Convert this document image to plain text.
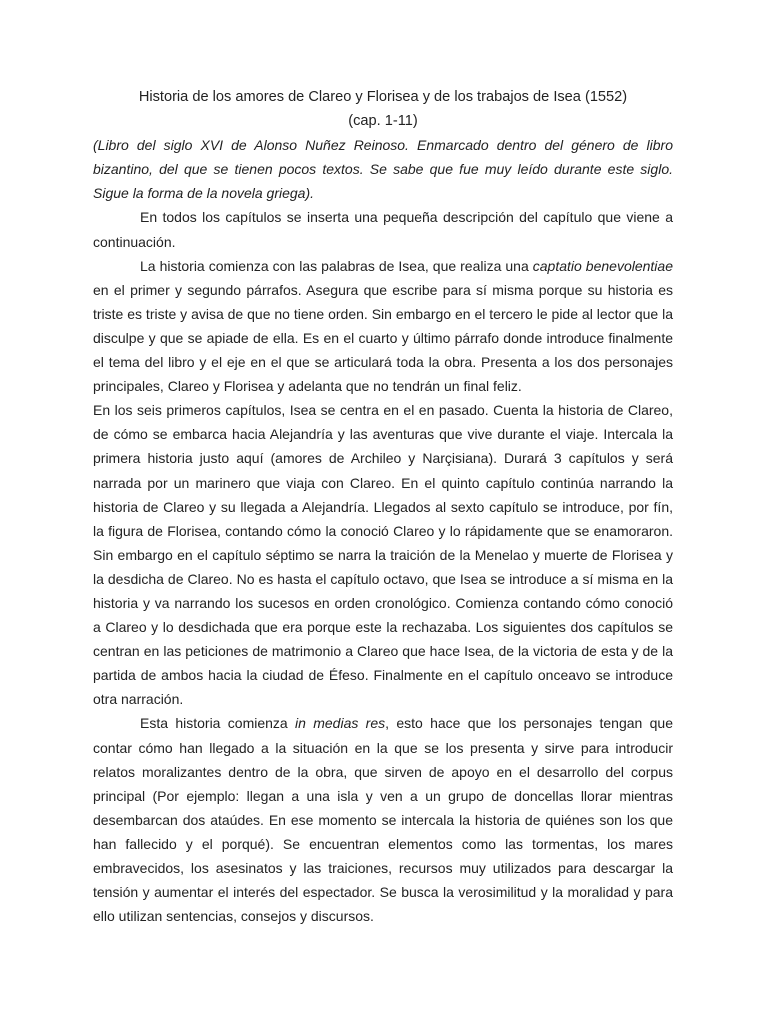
Historia de los amores de Clareo y Florisea y de los trabajos de Isea (1552)

(cap. 1-11)

(Libro del siglo XVI de Alonso Nuñez Reinoso. Enmarcado dentro del género de libro bizantino, del que se tienen pocos textos. Se sabe que fue muy leído durante este siglo. Sigue la forma de la novela griega).

En todos los capítulos se inserta una pequeña descripción del capítulo que viene a continuación.

La historia comienza con las palabras de Isea, que realiza una captatio benevolentiae en el primer y segundo párrafos. Asegura que escribe para sí misma porque su historia es triste es triste y avisa de que no tiene orden. Sin embargo en el tercero le pide al lector que la disculpe y que se apiade de ella. Es en el cuarto y último párrafo donde introduce finalmente el tema del libro y el eje en el que se articulará toda la obra. Presenta a los dos personajes principales, Clareo y Florisea y adelanta que no tendrán un final feliz.

En los seis primeros capítulos, Isea se centra en el en pasado. Cuenta la historia de Clareo, de cómo se embarca hacia Alejandría y las aventuras que vive durante el viaje. Intercala la primera historia justo aquí (amores de Archileo y Narçisiana). Durará 3 capítulos y será narrada por un marinero que viaja con Clareo. En el quinto capítulo continúa narrando la historia de Clareo y su llegada a Alejandría. Llegados al sexto capítulo se introduce, por fín, la figura de Florisea, contando cómo la conoció Clareo y lo rápidamente que se enamoraron. Sin embargo en el capítulo séptimo se narra la traición de la Menelao y muerte de Florisea y la desdicha de Clareo. No es hasta el capítulo octavo, que Isea se introduce a sí misma en la historia y va narrando los sucesos en orden cronológico. Comienza contando cómo conoció a Clareo y lo desdichada que era porque este la rechazaba. Los siguientes dos capítulos se centran en las peticiones de matrimonio a Clareo que hace Isea, de la victoria de esta y de la partida de ambos hacia la ciudad de Éfeso. Finalmente en el capítulo onceavo se introduce otra narración.

Esta historia comienza in medias res, esto hace que los personajes tengan que contar cómo han llegado a la situación en la que se los presenta y sirve para introducir relatos moralizantes dentro de la obra, que sirven de apoyo en el desarrollo del corpus principal (Por ejemplo: llegan a una isla y ven a un grupo de doncellas llorar mientras desembarcan dos ataúdes. En ese momento se intercala la historia de quiénes son los que han fallecido y el porqué). Se encuentran elementos como las tormentas, los mares embravecidos, los asesinatos y las traiciones, recursos muy utilizados para descargar la tensión y aumentar el interés del espectador. Se busca la verosimilitud y la moralidad y para ello utilizan sentencias, consejos y discursos.
